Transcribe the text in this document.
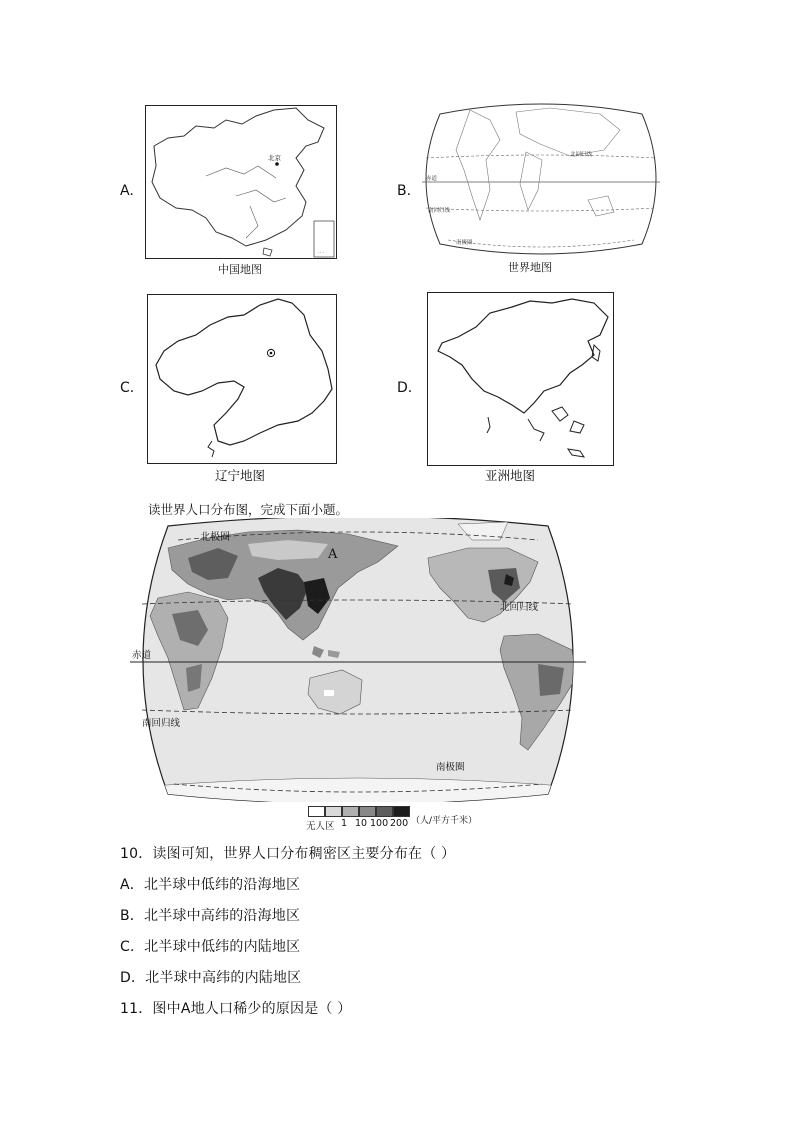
A.
·· ·
北京
中国地图
B.
北回归线
赤道
南回归线
南极圈
世界地图
C.
辽宁地图
D.
亚洲地图
读世界人口分布图，完成下面小题。
北极圈
北回归线
赤道
南回归线
南极圈
A
无人区 1 10 100 200 （人/平方千米）
10．读图可知，世界人口分布稠密区主要分布在（ ）
A．北半球中低纬的沿海地区
B．北半球中高纬的沿海地区
C．北半球中低纬的内陆地区
D．北半球中高纬的内陆地区
11．图中A地人口稀少的原因是（ ）
